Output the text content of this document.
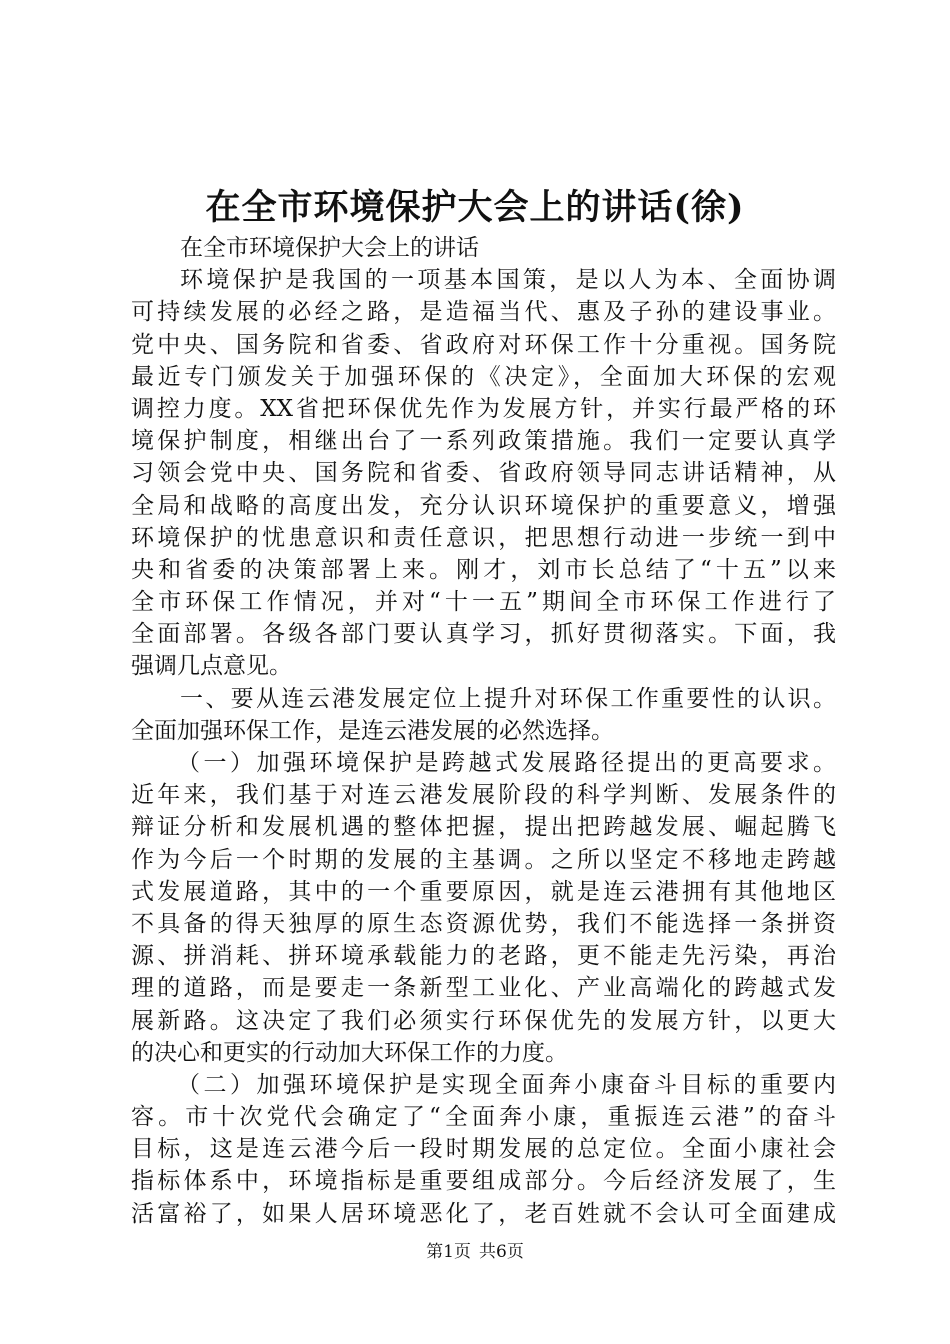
在全市环境保护大会上的讲话(徐)
在全市环境保护大会上的讲话
环境保护是我国的一项基本国策，是以人为本、全面协调
可持续发展的必经之路，是造福当代、惠及子孙的建设事业。
党中央、国务院和省委、省政府对环保工作十分重视。国务院
最近专门颁发关于加强环保的《决定》，全面加大环保的宏观
调控力度。XX省把环保优先作为发展方针，并实行最严格的环
境保护制度，相继出台了一系列政策措施。我们一定要认真学
习领会党中央、国务院和省委、省政府领导同志讲话精神，从
全局和战略的高度出发，充分认识环境保护的重要意义，增强
环境保护的忧患意识和责任意识，把思想行动进一步统一到中
央和省委的决策部署上来。刚才，刘市长总结了“十五”以来
全市环保工作情况，并对“十一五”期间全市环保工作进行了
全面部署。各级各部门要认真学习，抓好贯彻落实。下面，我
强调几点意见。
一、要从连云港发展定位上提升对环保工作重要性的认识。
全面加强环保工作，是连云港发展的必然选择。
（一）加强环境保护是跨越式发展路径提出的更高要求。
近年来，我们基于对连云港发展阶段的科学判断、发展条件的
辩证分析和发展机遇的整体把握，提出把跨越发展、崛起腾飞
作为今后一个时期的发展的主基调。之所以坚定不移地走跨越
式发展道路，其中的一个重要原因，就是连云港拥有其他地区
不具备的得天独厚的原生态资源优势，我们不能选择一条拼资
源、拼消耗、拼环境承载能力的老路，更不能走先污染，再治
理的道路，而是要走一条新型工业化、产业高端化的跨越式发
展新路。这决定了我们必须实行环保优先的发展方针，以更大
的决心和更实的行动加大环保工作的力度。
（二）加强环境保护是实现全面奔小康奋斗目标的重要内
容。市十次党代会确定了“全面奔小康，重振连云港”的奋斗
目标，这是连云港今后一段时期发展的总定位。全面小康社会
指标体系中，环境指标是重要组成部分。今后经济发展了，生
活富裕了，如果人居环境恶化了，老百姓就不会认可全面建成
第1页 共6页
